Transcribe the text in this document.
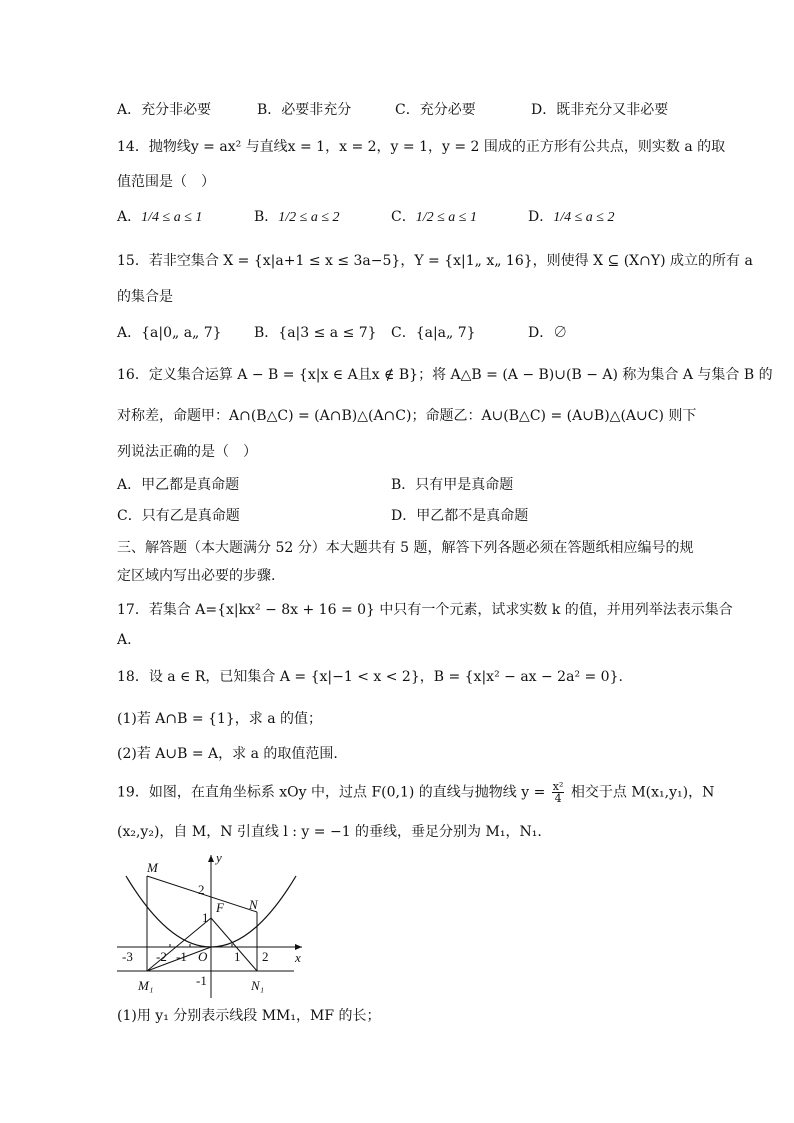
A．充分非必要	B．必要非充分	C．充分必要	D．既非充分又非必要
14．抛物线y = ax² 与直线x = 1，x = 2，y = 1，y = 2 围成的正方形有公共点，则实数 a 的取
值范围是（　）
A．1/4 ≤ a ≤ 1	B．1/2 ≤ a ≤ 2	C．1/2 ≤ a ≤ 1	D．1/4 ≤ a ≤ 2
15．若非空集合 X = {x|a+1 ≤ x ≤ 3a−5}，Y = {x|1„ x„ 16}，则使得 X ⊆ (X∩Y) 成立的所有 a
的集合是
A．{a|0„ a„ 7} B．{a|3 ≤ a ≤ 7} C．{a|a„ 7}	D．∅
16．定义集合运算 A − B = {x|x ∈ A且x ∉ B}；将 A△B = (A − B)∪(B − A) 称为集合 A 与集合 B 的
对称差，命题甲：A∩(B△C) = (A∩B)△(A∩C)；命题乙：A∪(B△C) = (A∪B)△(A∪C) 则下
列说法正确的是（　）
A．甲乙都是真命题	B．只有甲是真命题
C．只有乙是真命题	D．甲乙都不是真命题
三、解答题（本大题满分 52 分）本大题共有 5 题，解答下列各题必须在答题纸相应编号的规
定区域内写出必要的步骤.
17．若集合 A={x|kx² − 8x + 16 = 0} 中只有一个元素，试求实数 k 的值，并用列举法表示集合
A.
18．设 a ∈ R，已知集合 A = {x|−1 < x < 2}，B = {x|x² − ax − 2a² = 0}.
(1)若 A∩B = {1}，求 a 的值；
(2)若 A∪B = A，求 a 的取值范围.
19．如图，在直角坐标系 xOy 中，过点 F(0,1) 的直线与抛物线 $y = \frac{\text{x²}}{4}$ 相交于点 M(x₁,y₁)，N
(x₂,y₂)，自 M，N 引直线 l : y = −1 的垂线，垂足分别为 M₁，N₁.
y
x
2
1
-1
-3 -2 -1	1 2
O
M
N
F
M₁	N₁
(1)用 y₁ 分别表示线段 MM₁，MF 的长；
